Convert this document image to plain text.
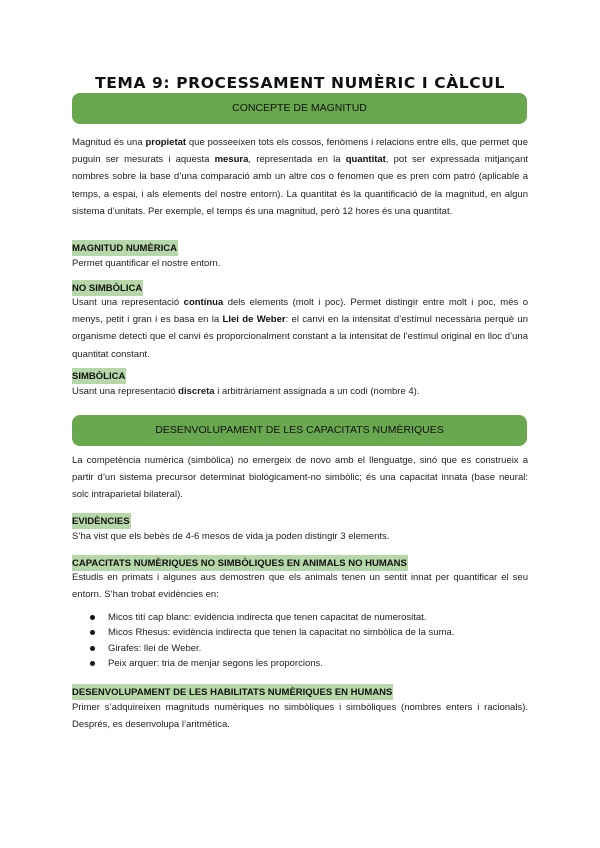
TEMA 9: PROCESSAMENT NUMÈRIC I CÀLCUL
CONCEPTE DE MAGNITUD
Magnitud és una propietat que posseeixen tots els cossos, fenòmens i relacions entre ells, que permet que puguin ser mesurats i aquesta mesura, representada en la quantitat, pot ser expressada mitjançant nombres sobre la base d’una comparació amb un altre cos o fenomen que es pren com patró (aplicable a temps, a espai, i als elements del nostre entorn). La quantitat és la quantificació de la magnitud, en algun sistema d’unitats. Per exemple, el temps és una magnitud, però 12 hores és una quantitat.
MAGNITUD NUMÈRICA
Permet quantificar el nostre entorn.
NO SIMBÒLICA
Usant una representació contínua dels elements (molt i poc). Permet distingir entre molt i poc, més o menys, petit i gran i es basa en la Llei de Weber: el canvi en la intensitat d’estímul necessària perquè un organisme detecti que el canvi és proporcionalment constant a la intensitat de l’estímul original en lloc d’una quantitat constant.
SIMBÒLICA
Usant una representació discreta i arbitràriament assignada a un codi (nombre 4).
DESENVOLUPAMENT DE LES CAPACITATS NUMÈRIQUES
La competència numèrica (simbòlica) no emergeix de novo amb el llenguatge, sinó que es construeix a partir d’un sistema precursor determinat biològicament-no simbòlic; és una capacitat innata (base neural: solc intraparietal bilateral).
EVIDÈNCIES
S’ha vist que els bebès de 4-6 mesos de vida ja poden distingir 3 elements.
CAPACITATS NUMÈRIQUES NO SIMBÒLIQUES EN ANIMALS NO HUMANS
Estudis en primats i algunes aus demostren que els animals tenen un sentit innat per quantificar el seu entorn. S’han trobat evidències en:
Micos tití cap blanc: evidència indirecta que tenen capacitat de numerositat.
Micos Rhesus: evidència indirecta que tenen la capacitat no simbòlica de la suma.
Girafes: llei de Weber.
Peix arquer: tria de menjar segons les proporcions.
DESENVOLUPAMENT DE LES HABILITATS NUMÈRIQUES EN HUMANS
Primer s’adquireixen magnituds numèriques no simbòliques i simbòliques (nombres enters i racionals). Després, es desenvolupa l’aritmètica.
